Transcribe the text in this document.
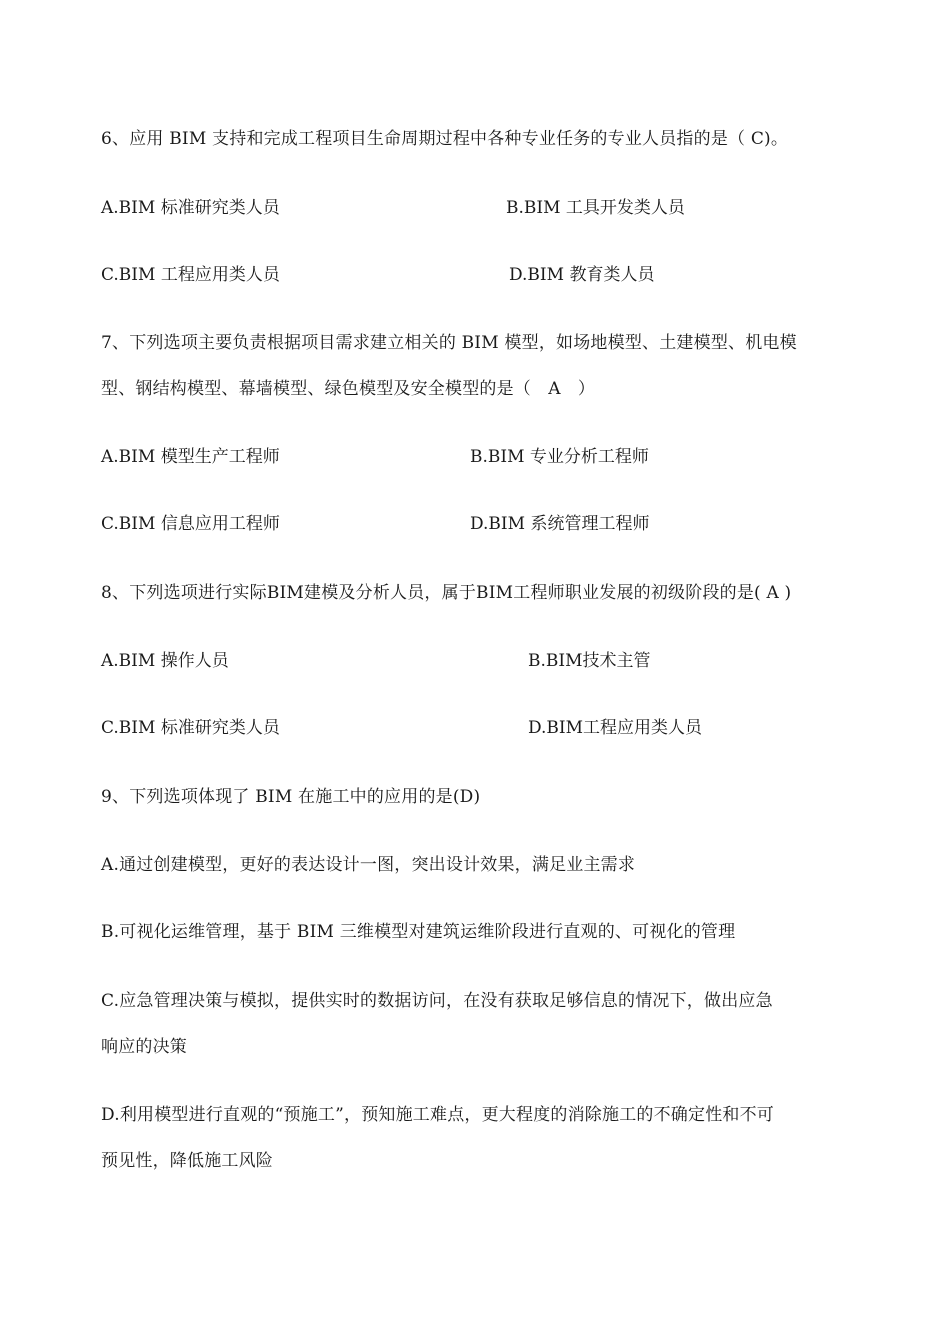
6、应用 BIM 支持和完成工程项目生命周期过程中各种专业任务的专业人员指的是（ C)。
A.BIM 标准研究类人员	B.BIM 工具开发类人员
C.BIM 工程应用类人员	D.BIM 教育类人员
7、下列选项主要负责根据项目需求建立相关的 BIM 模型，如场地模型、土建模型、机电模
型、钢结构模型、幕墙模型、绿色模型及安全模型的是（　A　）
A.BIM 模型生产工程师	B.BIM 专业分析工程师
C.BIM 信息应用工程师	D.BIM 系统管理工程师
8、下列选项进行实际BIM建模及分析人员，属于BIM工程师职业发展的初级阶段的是( A )
A.BIM 操作人员	B.BIM技术主管
C.BIM 标准研究类人员	D.BIM工程应用类人员
9、下列选项体现了 BIM 在施工中的应用的是(D)
A.通过创建模型，更好的表达设计一图，突出设计效果，满足业主需求
B.可视化运维管理，基于 BIM 三维模型对建筑运维阶段进行直观的、可视化的管理
C.应急管理决策与模拟，提供实时的数据访问，在没有获取足够信息的情况下，做出应急
响应的决策
D.利用模型进行直观的“预施工”，预知施工难点，更大程度的消除施工的不确定性和不可
预见性，降低施工风险
